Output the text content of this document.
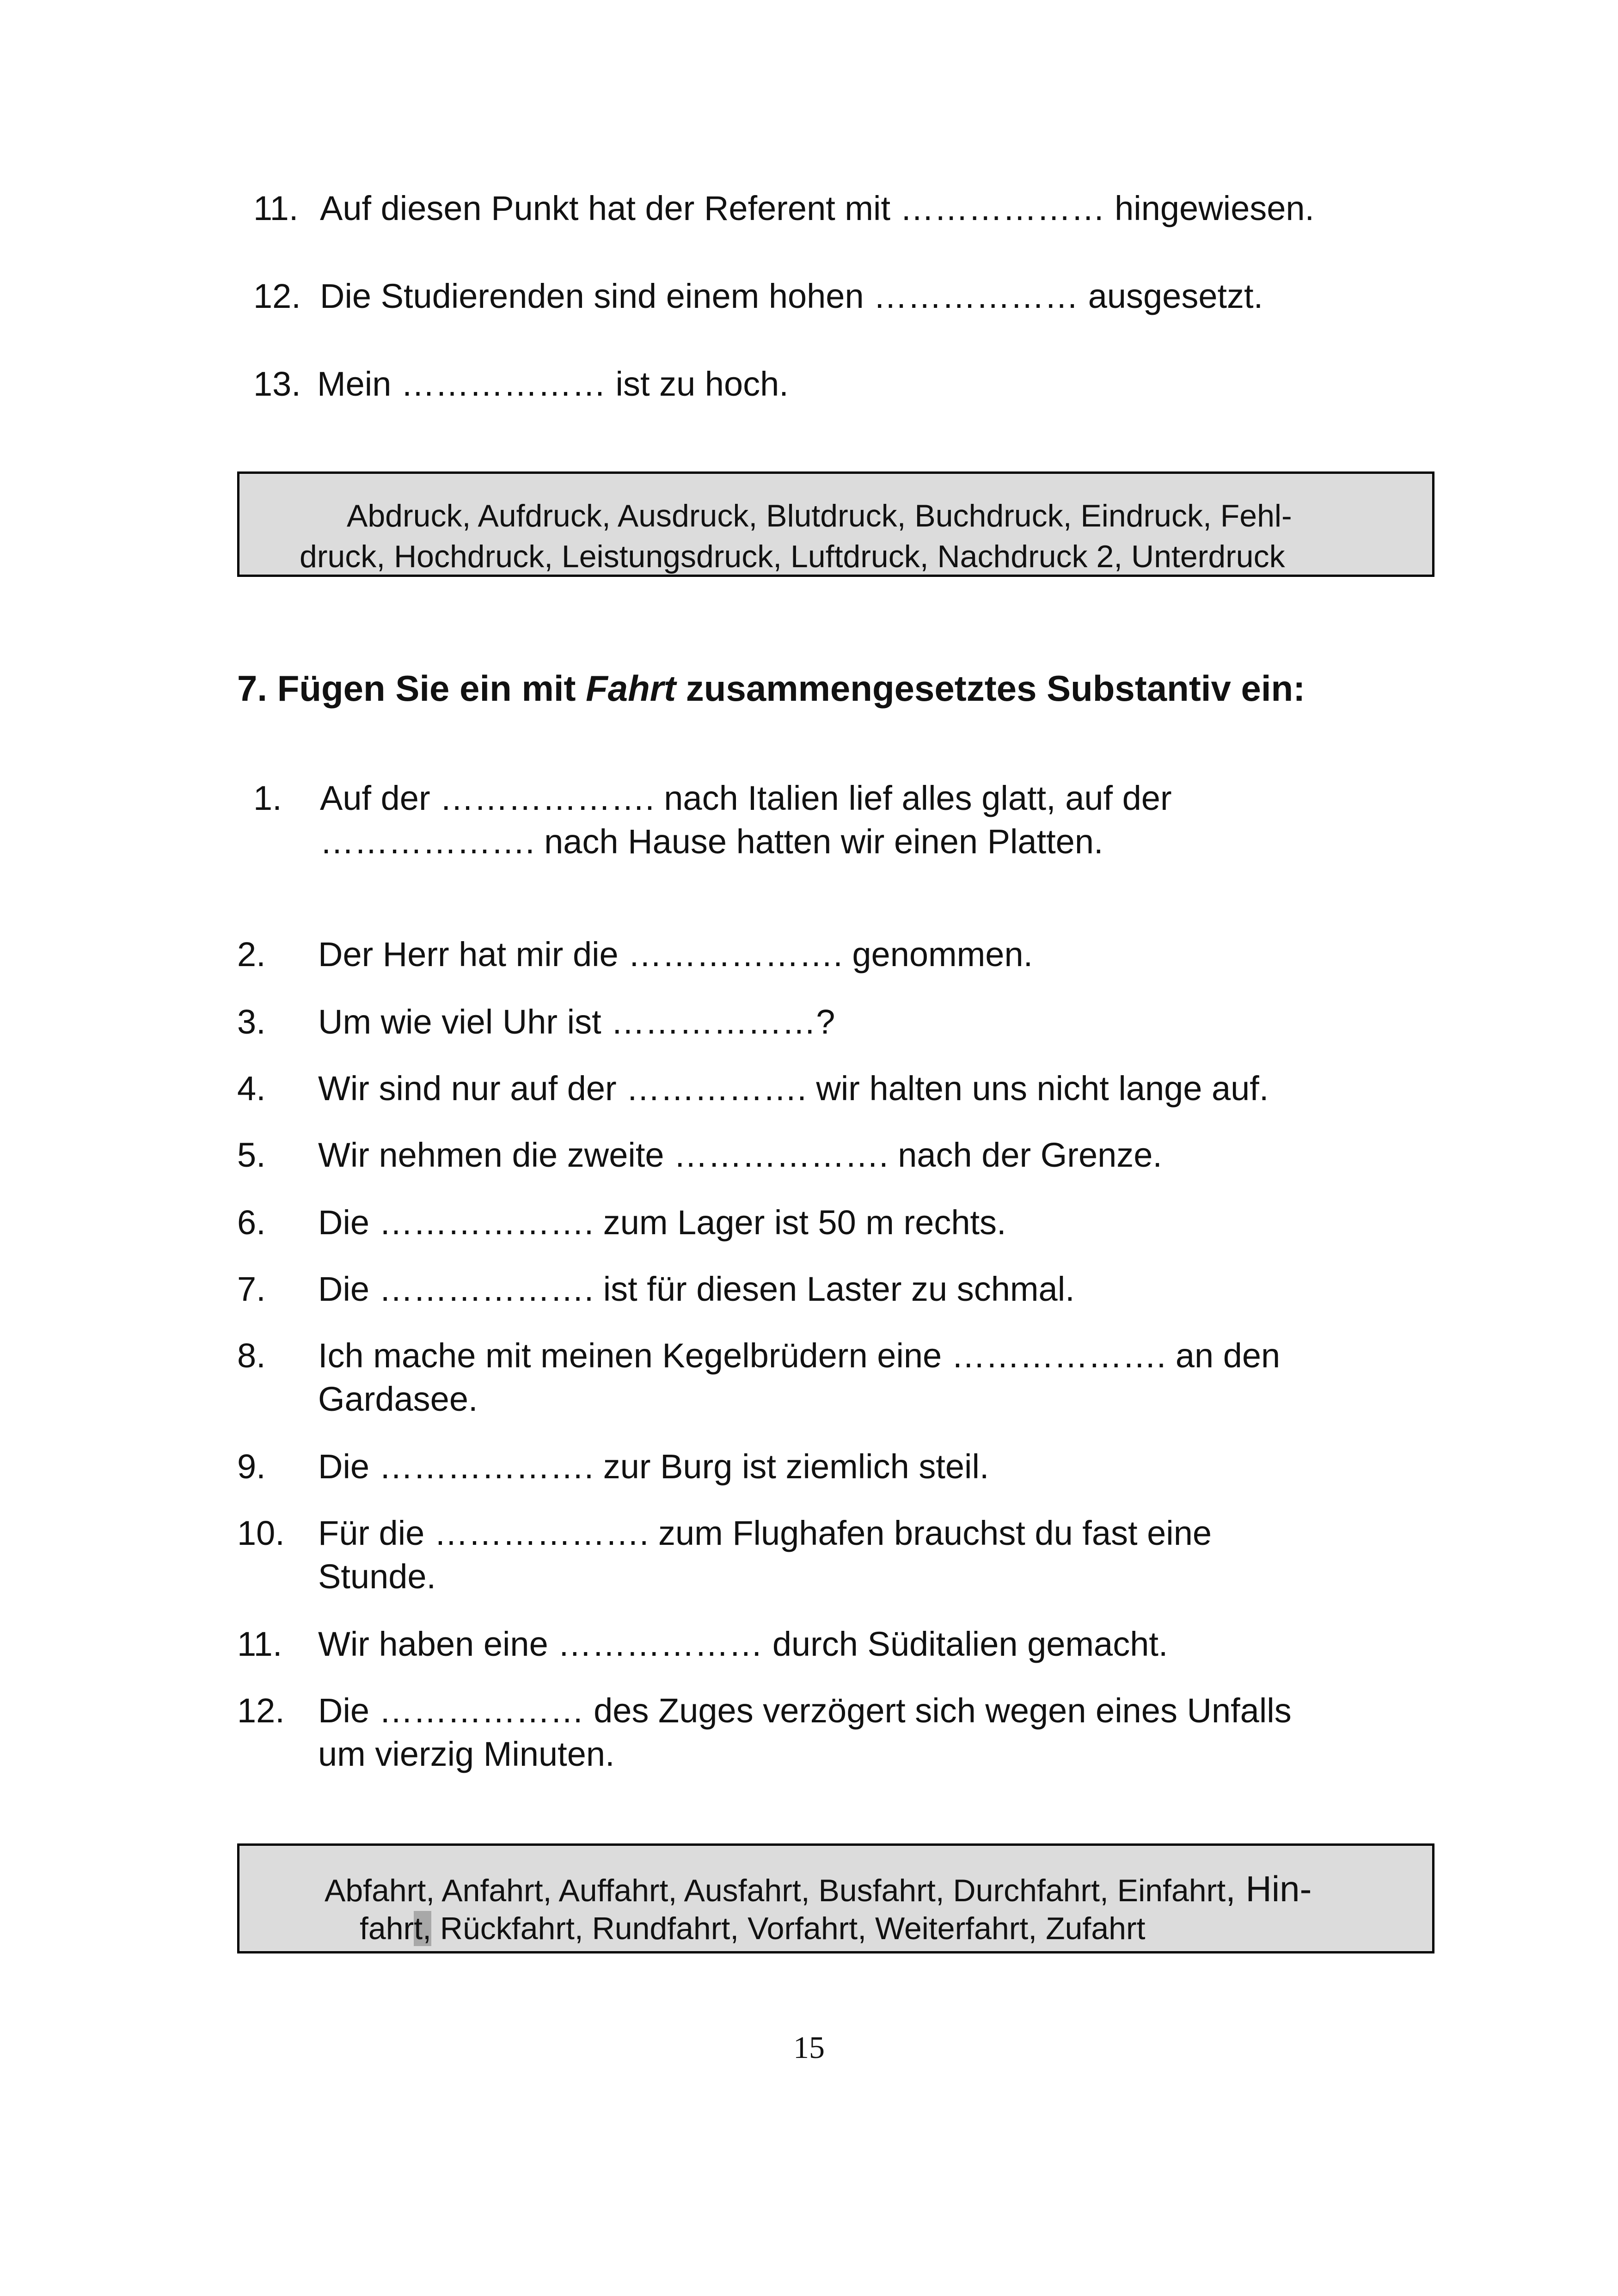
11. Auf diesen Punkt hat der Referent mit ……………… hingewiesen.
12. Die Studierenden sind einem hohen ……………… ausgesetzt.
13. Mein ……………… ist zu hoch.
Abdruck, Aufdruck, Ausdruck, Blutdruck, Buchdruck, Eindruck, Fehl-
druck, Hochdruck, Leistungsdruck, Luftdruck, Nachdruck 2, Unterdruck
7. Fügen Sie ein mit Fahrt zusammengesetztes Substantiv ein:
1. Auf der ………………. nach Italien lief alles glatt, auf der
………………. nach Hause hatten wir einen Platten.
2. Der Herr hat mir die ………………. genommen.
3. Um wie viel Uhr ist ………………?
4. Wir sind nur auf der ……………. wir halten uns nicht lange auf.
5. Wir nehmen die zweite ………………. nach der Grenze.
6. Die ………………. zum Lager ist 50 m rechts.
7. Die ………………. ist für diesen Laster zu schmal.
8. Ich mache mit meinen Kegelbrüdern eine ………………. an den
Gardasee.
9. Die ………………. zur Burg ist ziemlich steil.
10. Für die ………………. zum Flughafen brauchst du fast eine
Stunde.
11. Wir haben eine ……………… durch Süditalien gemacht.
12. Die ……………… des Zuges verzögert sich wegen eines Unfalls
um vierzig Minuten.
Abfahrt, Anfahrt, Auffahrt, Ausfahrt, Busfahrt, Durchfahrt, Einfahrt, Hin-
fahrt, Rückfahrt, Rundfahrt, Vorfahrt, Weiterfahrt, Zufahrt
15
